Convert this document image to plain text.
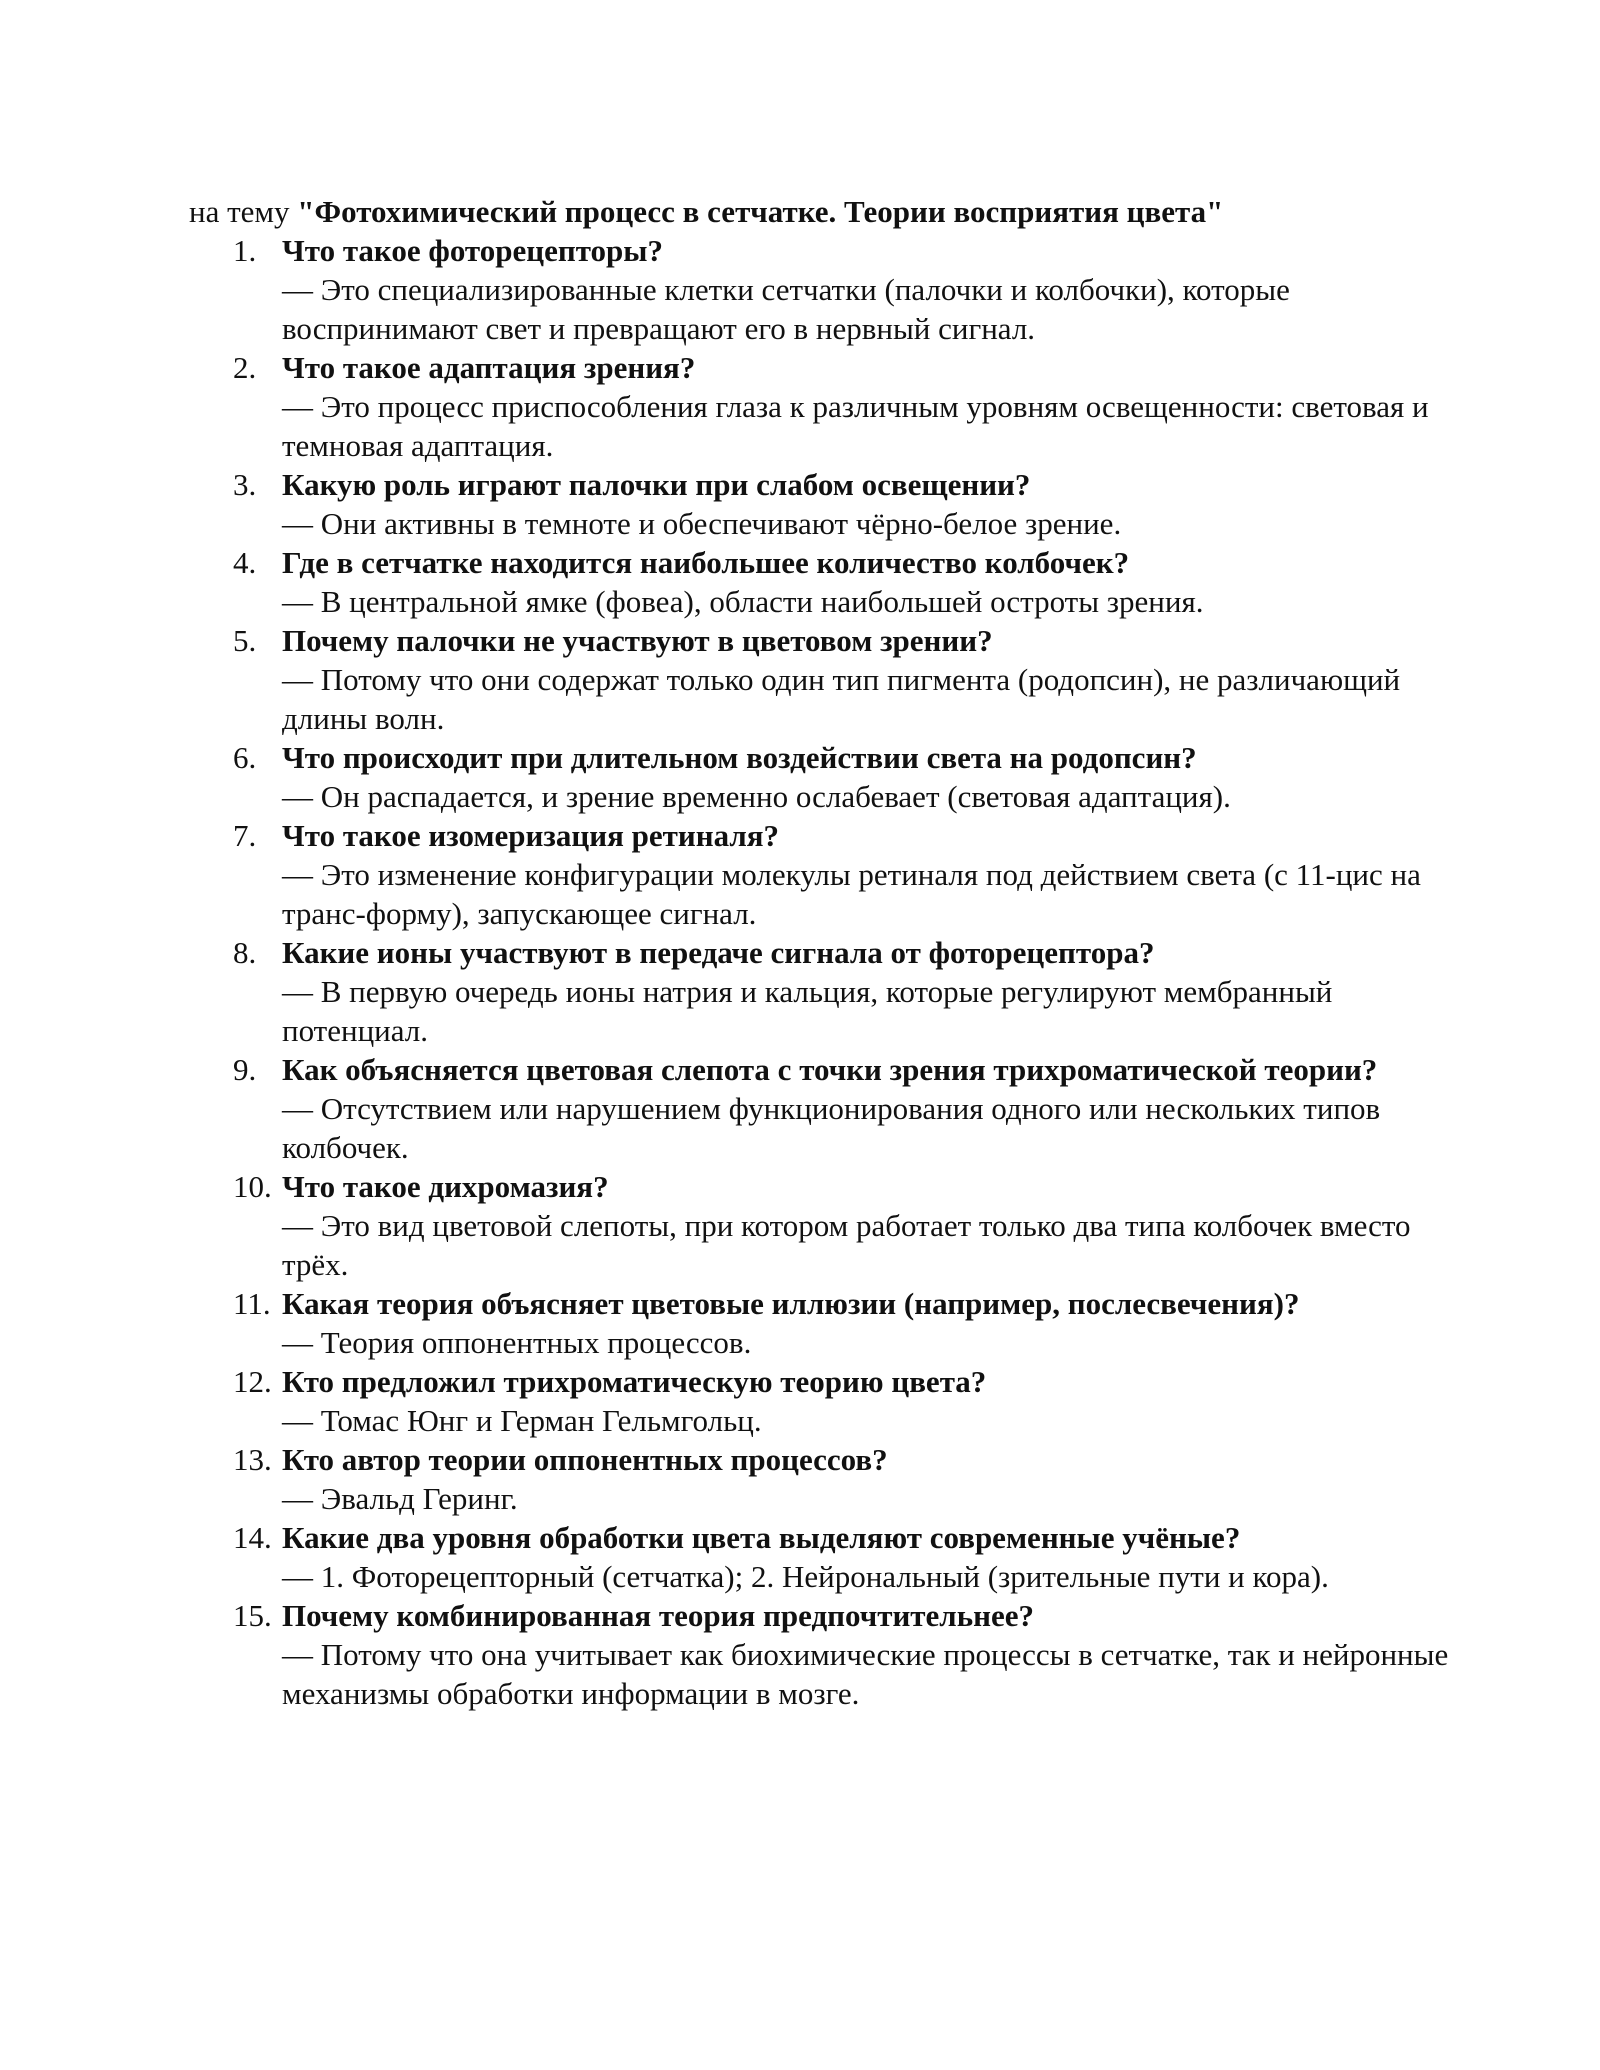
на тему "Фотохимический процесс в сетчатке. Теории восприятия цвета"

1. Что такое фоторецепторы?
— Это специализированные клетки сетчатки (палочки и колбочки), которые воспринимают свет и превращают его в нервный сигнал.
2. Что такое адаптация зрения?
— Это процесс приспособления глаза к различным уровням освещенности: световая и темновая адаптация.
3. Какую роль играют палочки при слабом освещении?
— Они активны в темноте и обеспечивают чёрно-белое зрение.
4. Где в сетчатке находится наибольшее количество колбочек?
— В центральной ямке (фовеа), области наибольшей остроты зрения.
5. Почему палочки не участвуют в цветовом зрении?
— Потому что они содержат только один тип пигмента (родопсин), не различающий длины волн.
6. Что происходит при длительном воздействии света на родопсин?
— Он распадается, и зрение временно ослабевает (световая адаптация).
7. Что такое изомеризация ретиналя?
— Это изменение конфигурации молекулы ретиналя под действием света (с 11-цис на транс-форму), запускающее сигнал.
8. Какие ионы участвуют в передаче сигнала от фоторецептора?
— В первую очередь ионы натрия и кальция, которые регулируют мембранный потенциал.
9. Как объясняется цветовая слепота с точки зрения трихроматической теории?
— Отсутствием или нарушением функционирования одного или нескольких типов колбочек.
10. Что такое дихромазия?
— Это вид цветовой слепоты, при котором работает только два типа колбочек вместо трёх.
11. Какая теория объясняет цветовые иллюзии (например, послесвечения)?
— Теория оппонентных процессов.
12. Кто предложил трихроматическую теорию цвета?
— Томас Юнг и Герман Гельмгольц.
13. Кто автор теории оппонентных процессов?
— Эвальд Геринг.
14. Какие два уровня обработки цвета выделяют современные учёные?
— 1. Фоторецепторный (сетчатка); 2. Нейрональный (зрительные пути и кора).
15. Почему комбинированная теория предпочтительнее?
— Потому что она учитывает как биохимические процессы в сетчатке, так и нейронные механизмы обработки информации в мозге.
